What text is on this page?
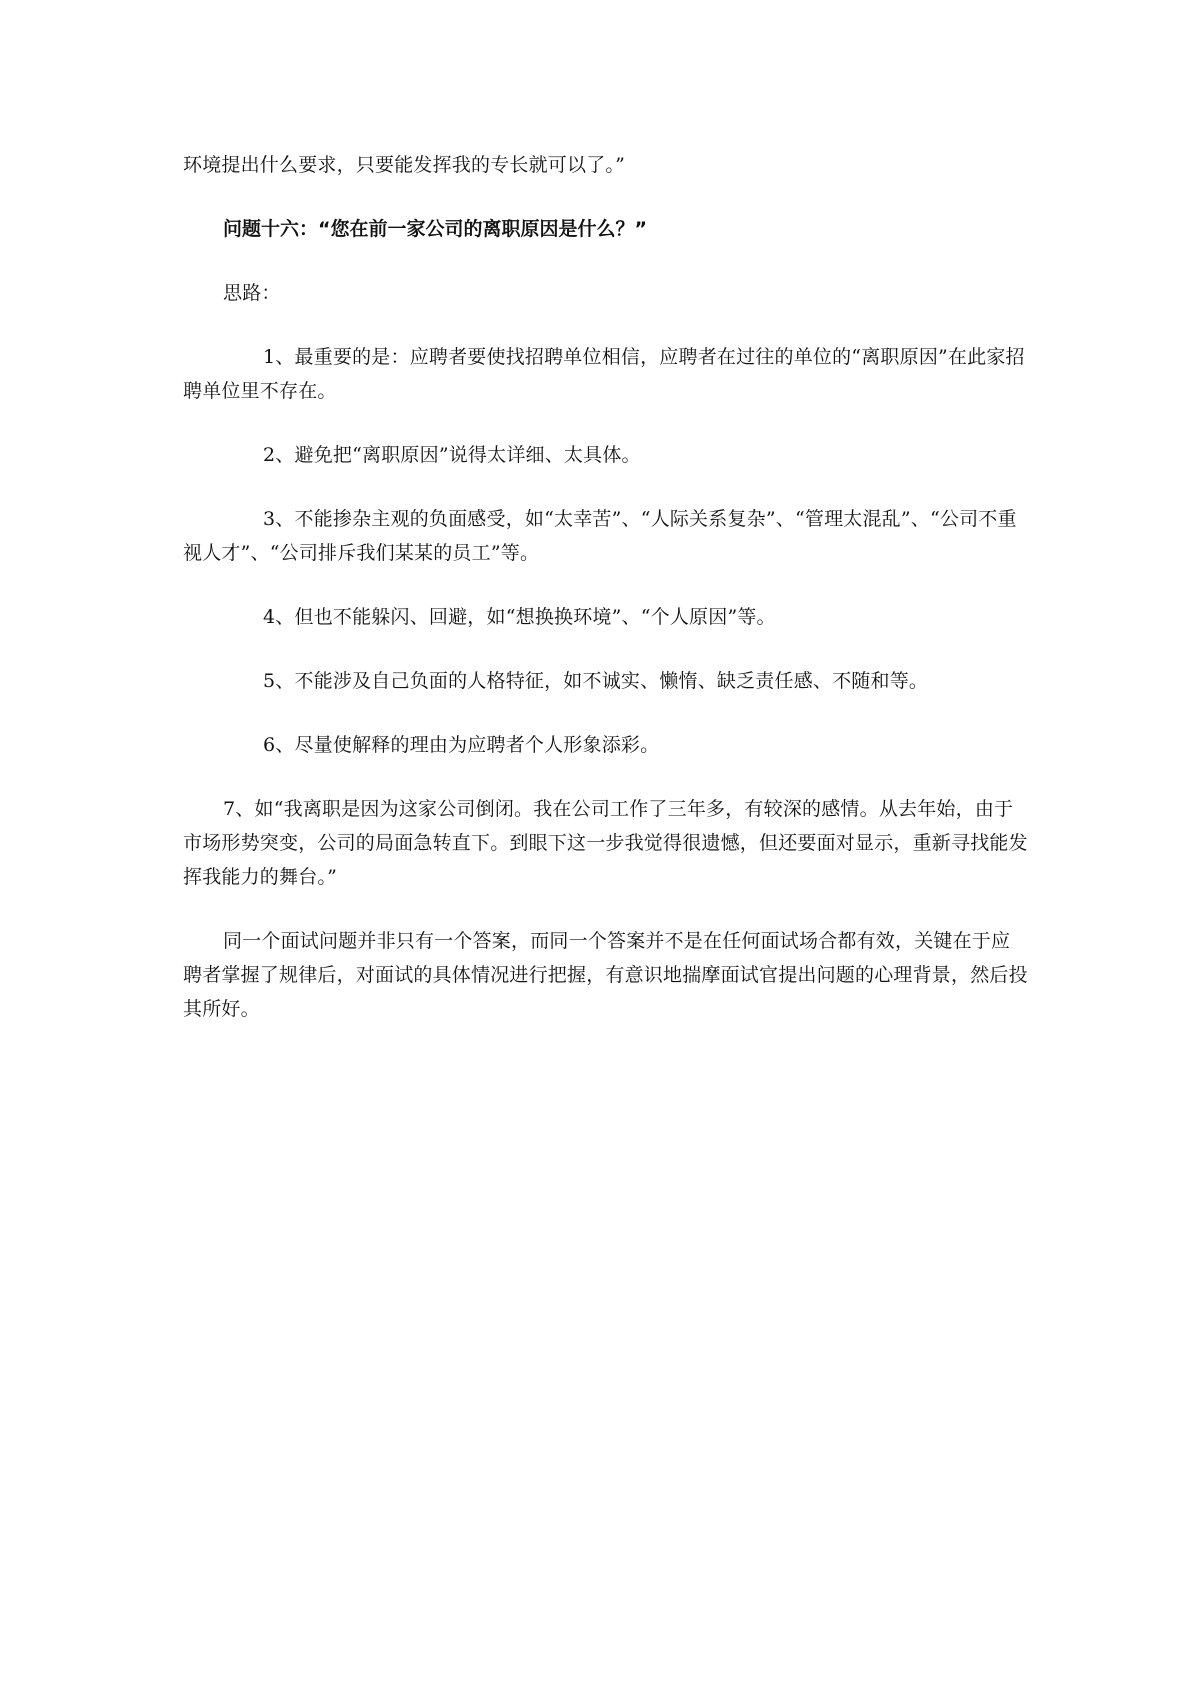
环境提出什么要求，只要能发挥我的专长就可以了。”

问题十六：“您在前一家公司的离职原因是什么？”

思路：

1、最重要的是：应聘者要使找招聘单位相信，应聘者在过往的单位的“离职原因”在此家招聘单位里不存在。

2、避免把“离职原因”说得太详细、太具体。

3、不能掺杂主观的负面感受，如“太幸苦”、“人际关系复杂”、“管理太混乱”、“公司不重视人才”、“公司排斥我们某某的员工”等。

4、但也不能躲闪、回避，如“想换换环境”、“个人原因”等。

5、不能涉及自己负面的人格特征，如不诚实、懒惰、缺乏责任感、不随和等。

6、尽量使解释的理由为应聘者个人形象添彩。

7、如“我离职是因为这家公司倒闭。我在公司工作了三年多，有较深的感情。从去年始，由于市场形势突变，公司的局面急转直下。到眼下这一步我觉得很遗憾，但还要面对显示，重新寻找能发挥我能力的舞台。”

同一个面试问题并非只有一个答案，而同一个答案并不是在任何面试场合都有效，关键在于应聘者掌握了规律后，对面试的具体情况进行把握，有意识地揣摩面试官提出问题的心理背景，然后投其所好。
